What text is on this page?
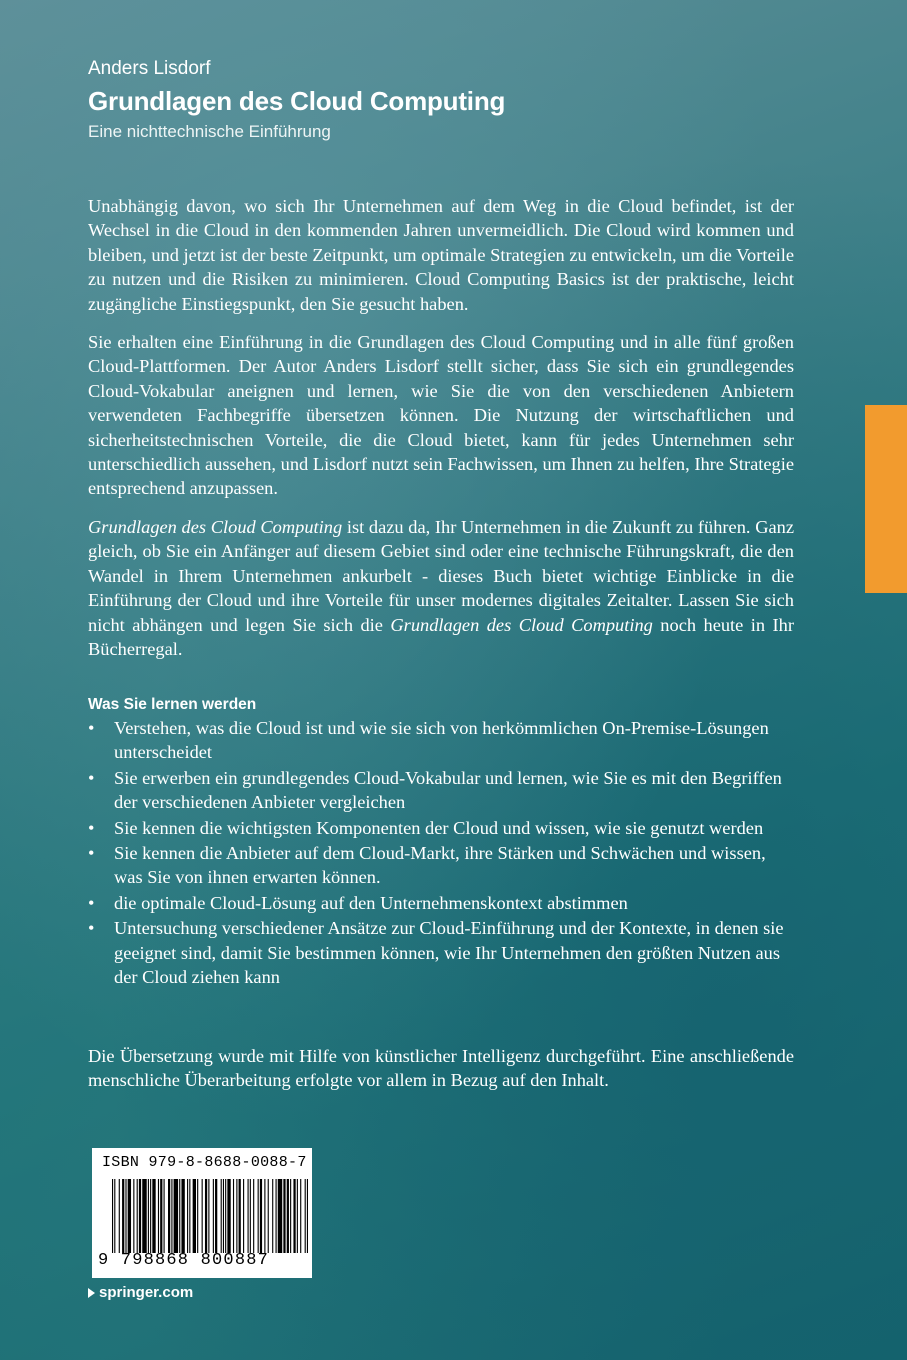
Anders Lisdorf
Grundlagen des Cloud Computing
Eine nichttechnische Einführung

Unabhängig davon, wo sich Ihr Unternehmen auf dem Weg in die Cloud befindet, ist der Wechsel in die Cloud in den kommenden Jahren unvermeidlich. Die Cloud wird kommen und bleiben, und jetzt ist der beste Zeitpunkt, um optimale Strategien zu entwickeln, um die Vorteile zu nutzen und die Risiken zu minimieren. Cloud Computing Basics ist der praktische, leicht zugängliche Einstiegspunkt, den Sie gesucht haben.

Sie erhalten eine Einführung in die Grundlagen des Cloud Computing und in alle fünf großen Cloud-Plattformen. Der Autor Anders Lisdorf stellt sicher, dass Sie sich ein grundlegendes Cloud-Vokabular aneignen und lernen, wie Sie die von den verschiedenen Anbietern verwendeten Fachbegriffe übersetzen können. Die Nutzung der wirtschaftlichen und sicherheitstechnischen Vorteile, die die Cloud bietet, kann für jedes Unternehmen sehr unterschiedlich aussehen, und Lisdorf nutzt sein Fachwissen, um Ihnen zu helfen, Ihre Strategie entsprechend anzupassen.

Grundlagen des Cloud Computing ist dazu da, Ihr Unternehmen in die Zukunft zu führen. Ganz gleich, ob Sie ein Anfänger auf diesem Gebiet sind oder eine technische Führungskraft, die den Wandel in Ihrem Unternehmen ankurbelt - dieses Buch bietet wichtige Einblicke in die Einführung der Cloud und ihre Vorteile für unser modernes digitales Zeitalter. Lassen Sie sich nicht abhängen und legen Sie sich die Grundlagen des Cloud Computing noch heute in Ihr Bücherregal.

Was Sie lernen werden
• Verstehen, was die Cloud ist und wie sie sich von herkömmlichen On-Premise-Lösungen unterscheidet
• Sie erwerben ein grundlegendes Cloud-Vokabular und lernen, wie Sie es mit den Begriffen der verschiedenen Anbieter vergleichen
• Sie kennen die wichtigsten Komponenten der Cloud und wissen, wie sie genutzt werden
• Sie kennen die Anbieter auf dem Cloud-Markt, ihre Stärken und Schwächen und wissen, was Sie von ihnen erwarten können.
• die optimale Cloud-Lösung auf den Unternehmenskontext abstimmen
• Untersuchung verschiedener Ansätze zur Cloud-Einführung und der Kontexte, in denen sie geeignet sind, damit Sie bestimmen können, wie Ihr Unternehmen den größten Nutzen aus der Cloud ziehen kann
Die Übersetzung wurde mit Hilfe von künstlicher Intelligenz durchgeführt. Eine anschließende menschliche Überarbeitung erfolgte vor allem in Bezug auf den Inhalt.
ISBN 979-8-8688-0088-7
9 798868 800887
springer.com
